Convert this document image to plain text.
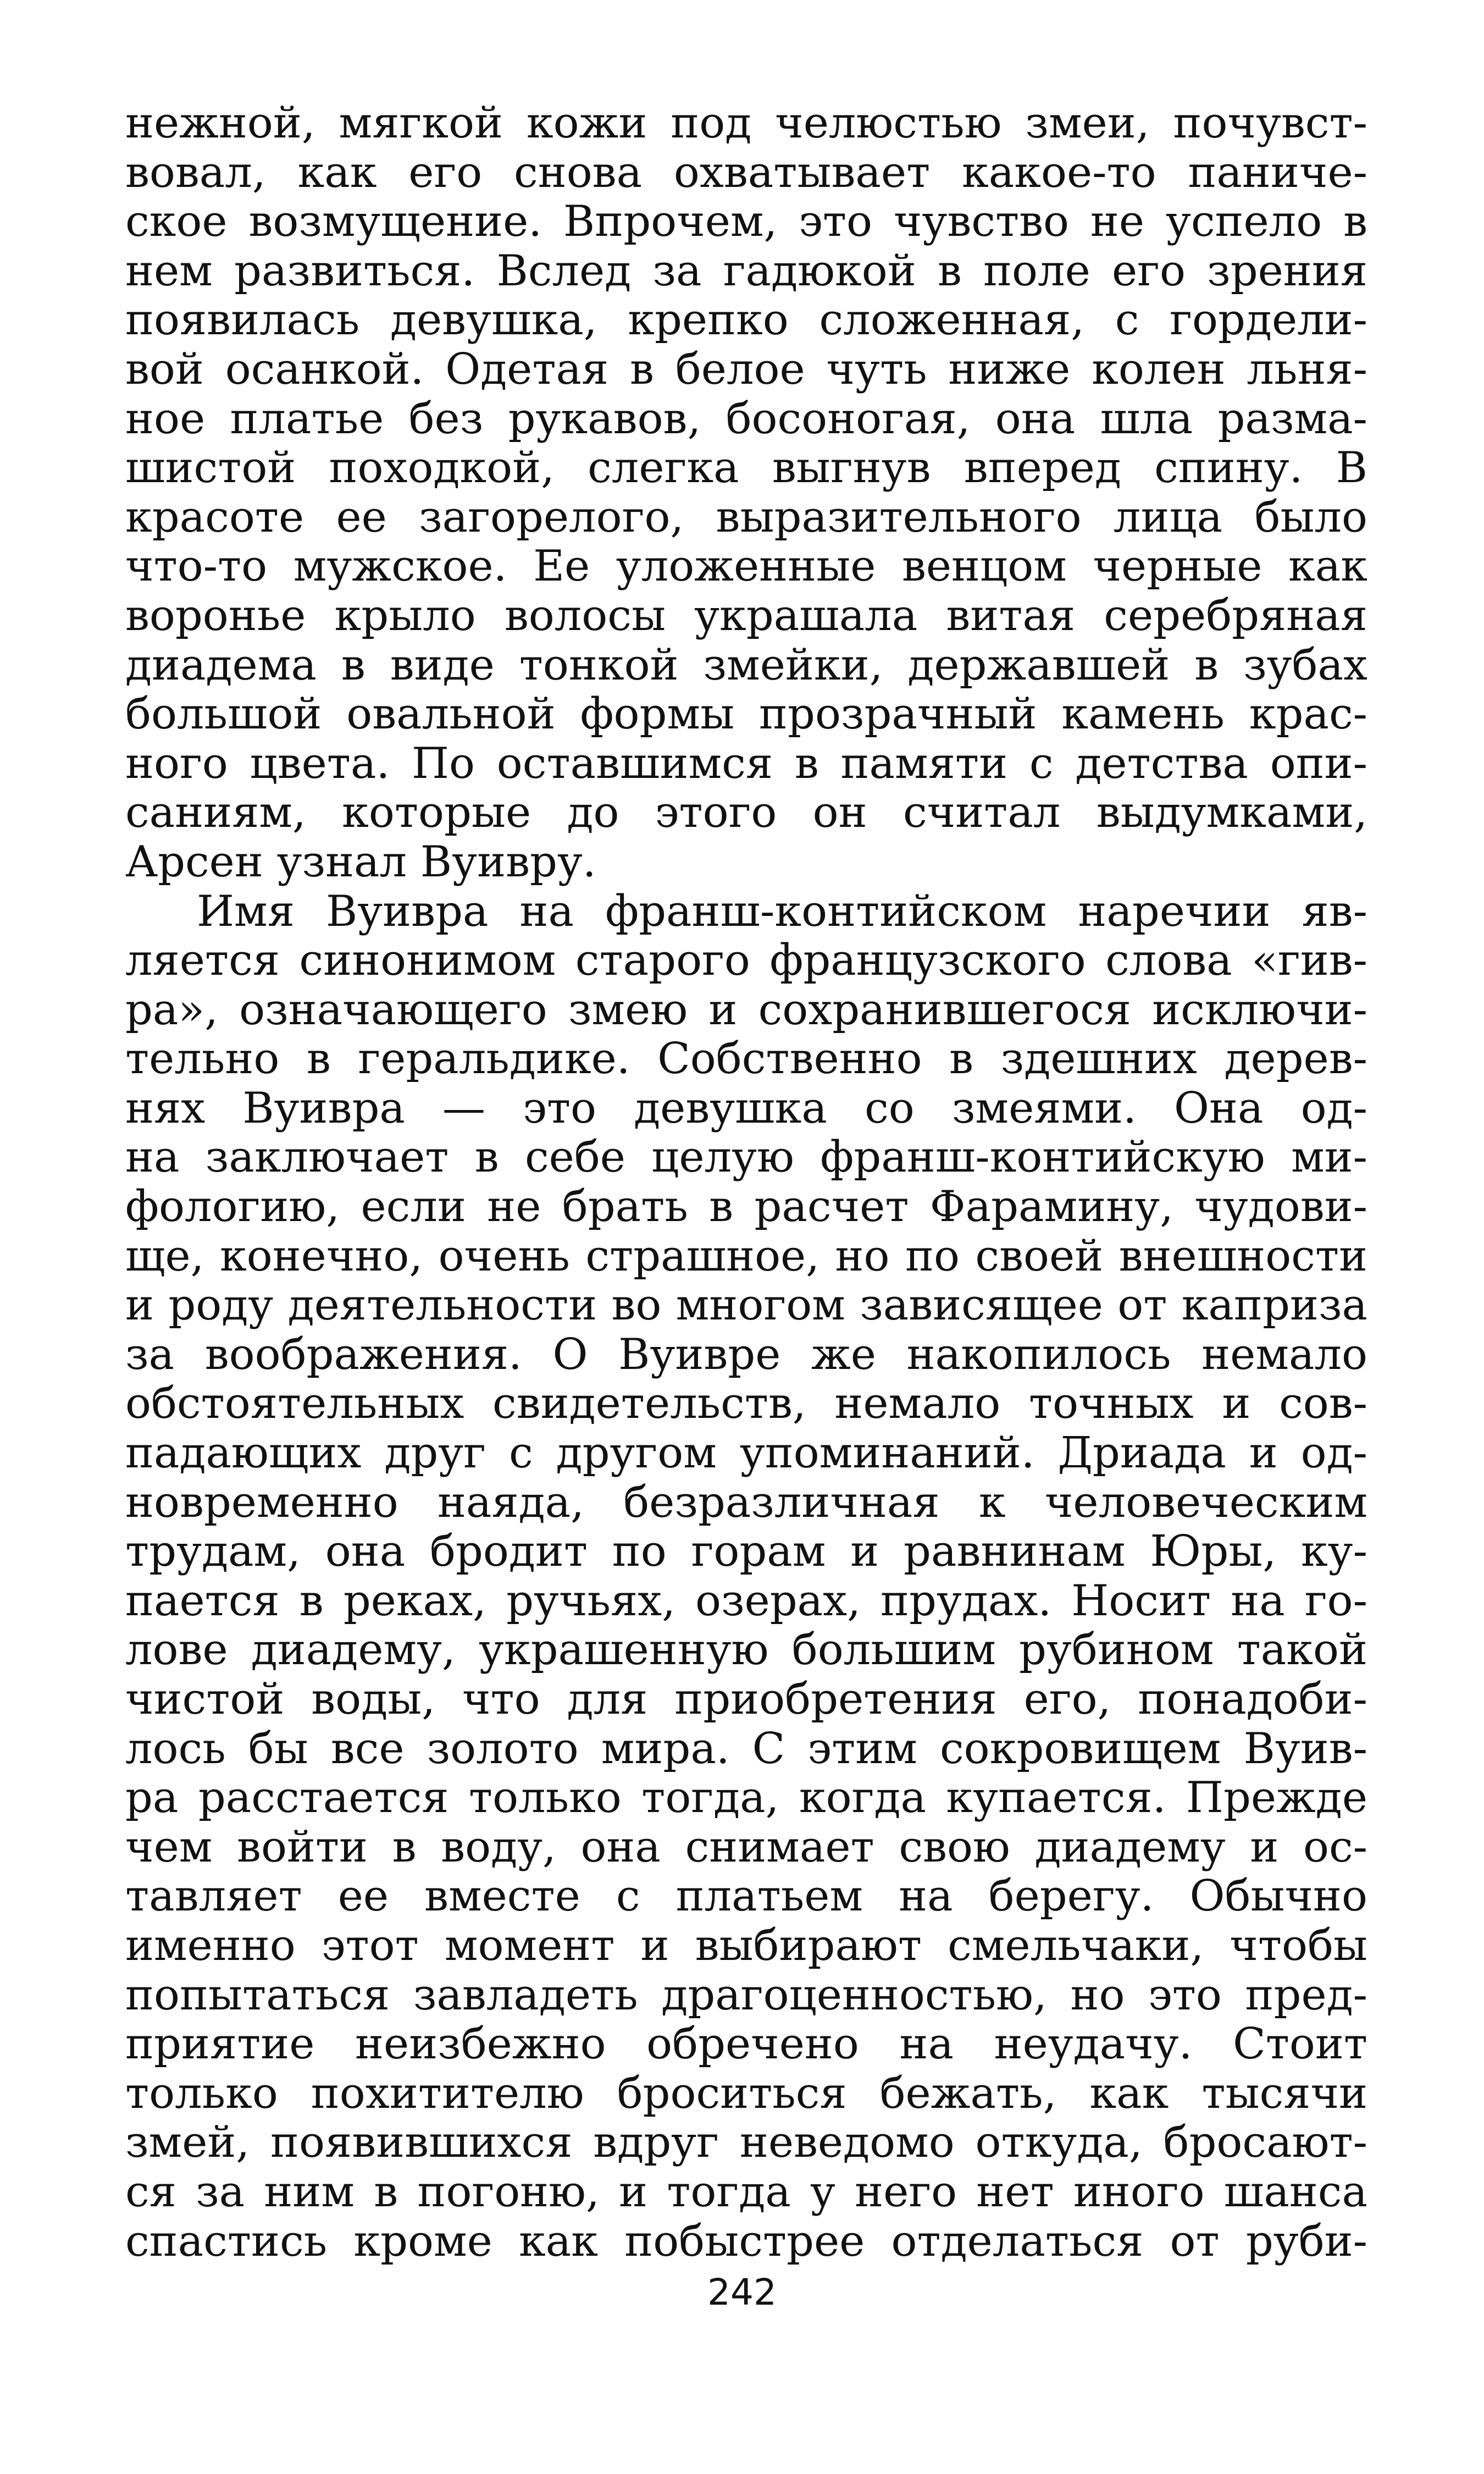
нежной, мягкой кожи под челюстью змеи, почувст-
вовал, как его снова охватывает какое-то паниче-
ское возмущение. Впрочем, это чувство не успело в
нем развиться. Вслед за гадюкой в поле его зрения
появилась девушка, крепко сложенная, с гордели-
вой осанкой. Одетая в белое чуть ниже колен льня-
ное платье без рукавов, босоногая, она шла разма-
шистой походкой, слегка выгнув вперед спину. В
красоте ее загорелого, выразительного лица было
что-то мужское. Ее уложенные венцом черные как
воронье крыло волосы украшала витая серебряная
диадема в виде тонкой змейки, державшей в зубах
большой овальной формы прозрачный камень крас-
ного цвета. По оставшимся в памяти с детства опи-
саниям, которые до этого он считал выдумками,
Арсен узнал Вуивру.
Имя Вуивра на франш-контийском наречии яв-
ляется синонимом старого французского слова «гив-
ра», означающего змею и сохранившегося исключи-
тельно в геральдике. Собственно в здешних дерев-
нях Вуивра — это девушка со змеями. Она од-
на заключает в себе целую франш-контийскую ми-
фологию, если не брать в расчет Фарамину, чудови-
ще, конечно, очень страшное, но по своей внешности
и роду деятельности во многом зависящее от каприза
за воображения. О Вуивре же накопилось немало
обстоятельных свидетельств, немало точных и сов-
падающих друг с другом упоминаний. Дриада и од-
новременно наяда, безразличная к человеческим
трудам, она бродит по горам и равнинам Юры, ку-
пается в реках, ручьях, озерах, прудах. Носит на го-
лове диадему, украшенную большим рубином такой
чистой воды, что для приобретения его, понадоби-
лось бы все золото мира. С этим сокровищем Вуив-
ра расстается только тогда, когда купается. Прежде
чем войти в воду, она снимает свою диадему и ос-
тавляет ее вместе с платьем на берегу. Обычно
именно этот момент и выбирают смельчаки, чтобы
попытаться завладеть драгоценностью, но это пред-
приятие неизбежно обречено на неудачу. Стоит
только похитителю броситься бежать, как тысячи
змей, появившихся вдруг неведомо откуда, бросают-
ся за ним в погоню, и тогда у него нет иного шанса
спастись кроме как побыстрее отделаться от руби-
242
